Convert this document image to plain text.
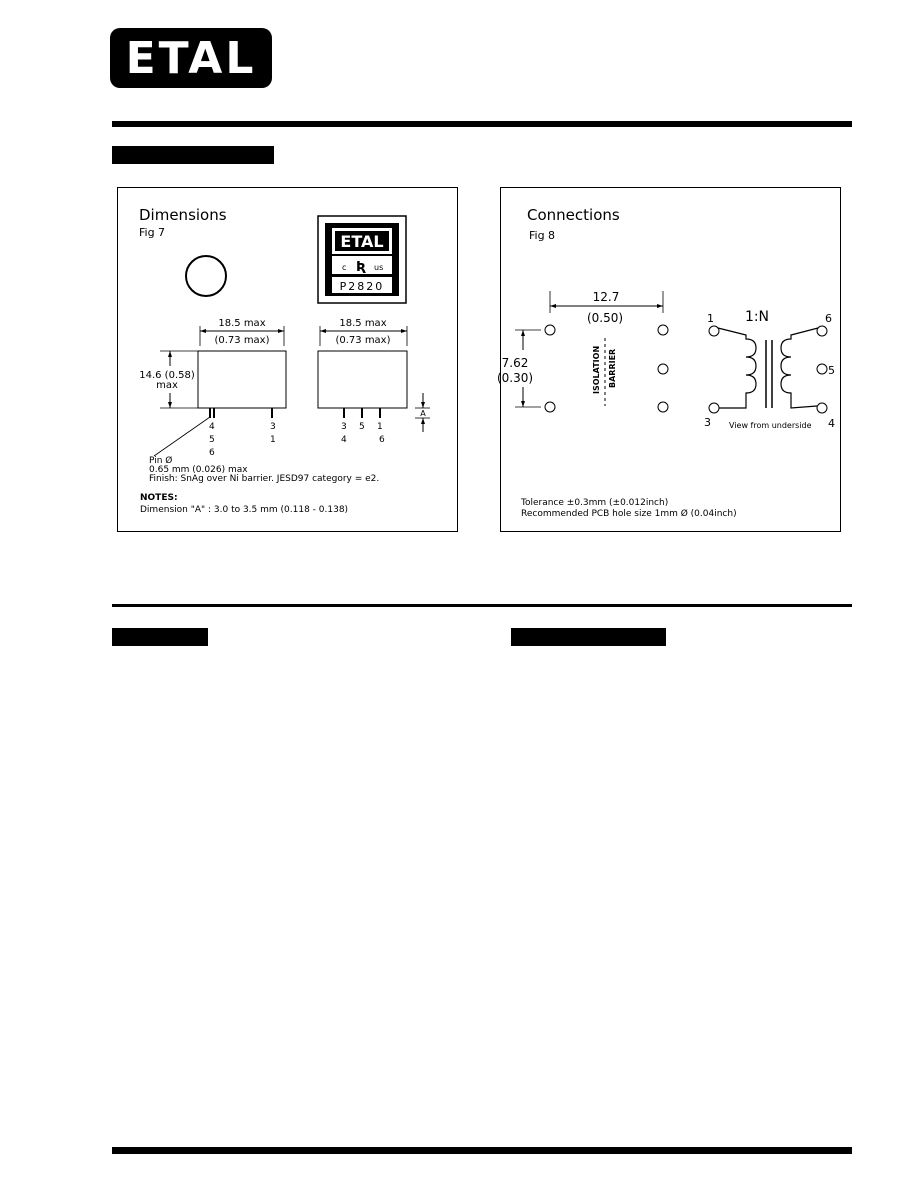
ETAL
Dimensions
Fig 7	ETAL
c Ʀ us
P2820
18.5 max
(0.73 max)
18.5 max
(0.73 max)
14.6 (0.58)
max
A
4	3
5	1
6
3 5 1
4	6
Pin Ø
0.65 mm (0.026) max
Finish: SnAg over Ni barrier. JESD97 category = e2.
NOTES:
Dimension "A" : 3.0 to 3.5 mm (0.118 - 0.138)
Connections
Fig 8
12.7
(0.50)
7.62
(0.30)	ISOLATION BARRIER
1:N
1	6
5
3	4
View from underside
Tolerance ±0.3mm (±0.012inch)
Recommended PCB hole size 1mm Ø (0.04inch)
